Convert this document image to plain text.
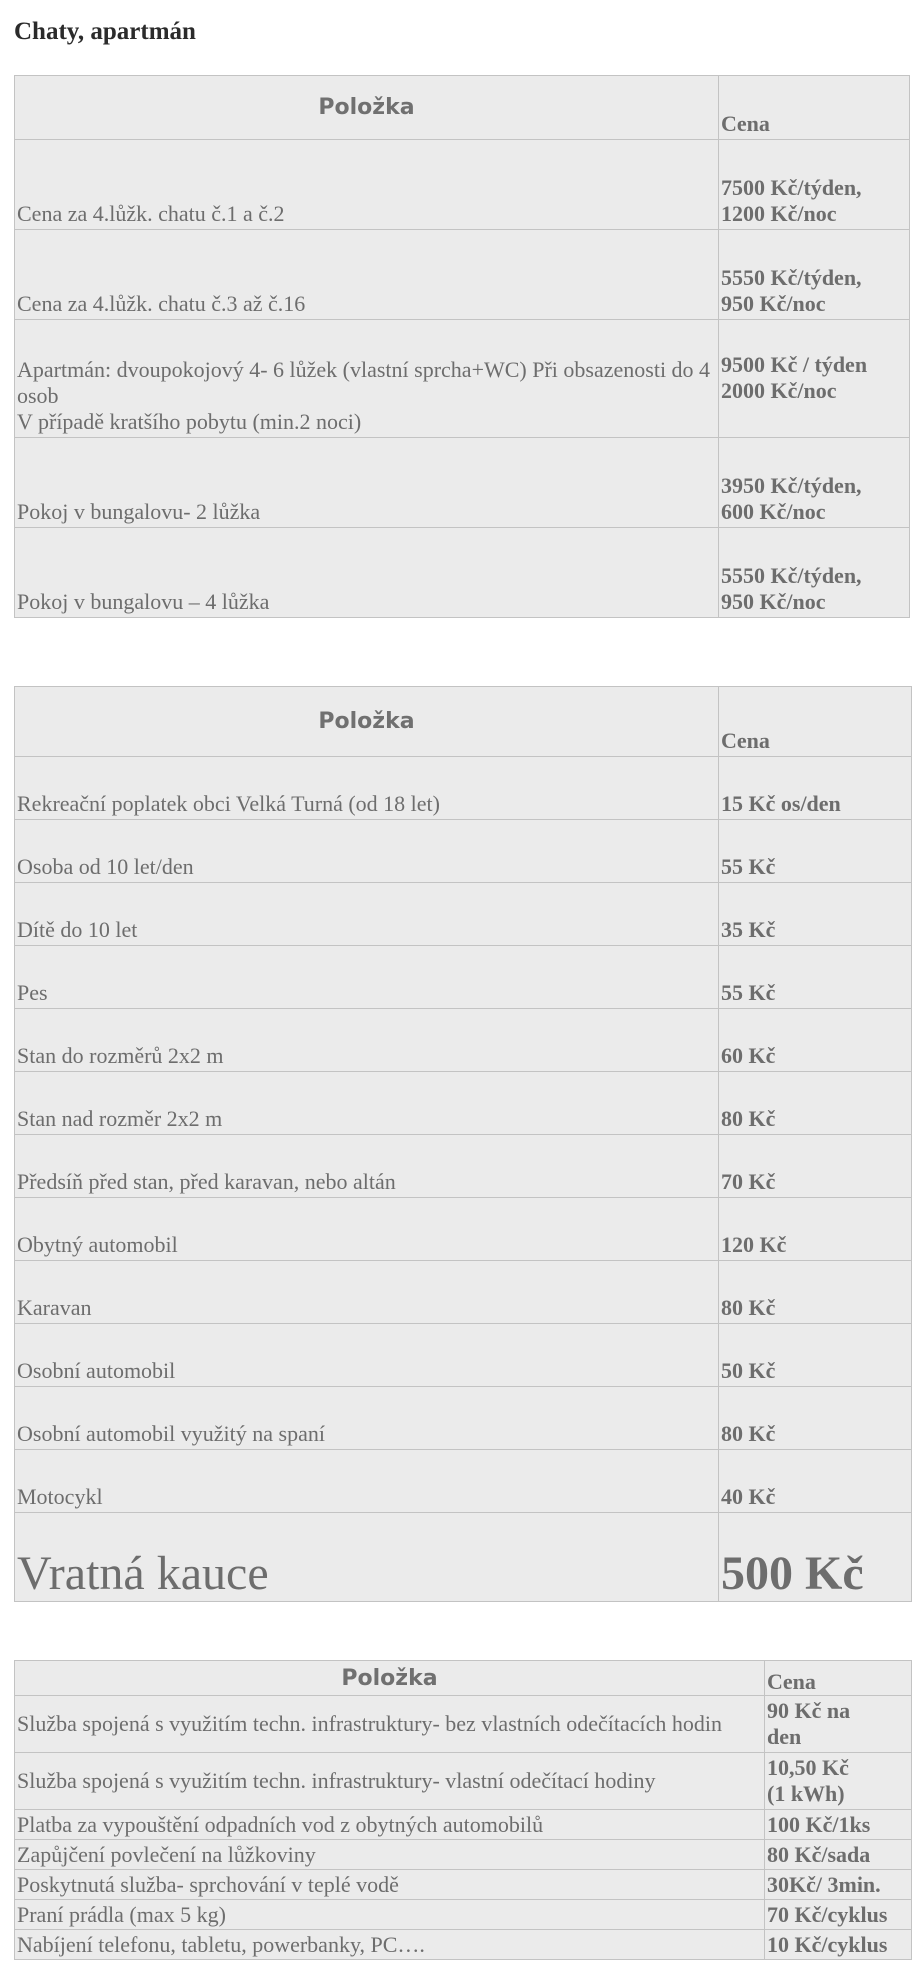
Chaty, apartmán
Položka	Cena
Cena za 4.lůžk. chatu č.1 a č.2	7500 Kč/týden,
1200 Kč/noc
Cena za 4.lůžk. chatu č.3 až č.16	5550 Kč/týden,
950 Kč/noc
Apartmán: dvoupokojový 4- 6 lůžek (vlastní sprcha+WC) Při obsazenosti do 4 osob
V případě kratšího pobytu (min.2 noci)	9500 Kč / týden
2000 Kč/noc
Pokoj v bungalovu- 2 lůžka	3950 Kč/týden,
600 Kč/noc
Pokoj v bungalovu – 4 lůžka	5550 Kč/týden,
950 Kč/noc
Položka	Cena
Rekreační poplatek obci Velká Turná (od 18 let)	15 Kč os/den
Osoba od 10 let/den	55 Kč
Dítě do 10 let	35 Kč
Pes	55 Kč
Stan do rozměrů 2x2 m	60 Kč
Stan nad rozměr 2x2 m	80 Kč
Předsíň před stan, před karavan, nebo altán	70 Kč
Obytný automobil	120 Kč
Karavan	80 Kč
Osobní automobil	50 Kč
Osobní automobil využitý na spaní	80 Kč
Motocykl	40 Kč
Vratná kauce	500 Kč
Položka	Cena
Služba spojená s využitím techn. infrastruktury- bez vlastních odečítacích hodin	90 Kč na
den
Služba spojená s využitím techn. infrastruktury- vlastní odečítací hodiny	10,50 Kč
(1 kWh)
Platba za vypouštění odpadních vod z obytných automobilů	100 Kč/1ks
Zapůjčení povlečení na lůžkoviny	80 Kč/sada
Poskytnutá služba- sprchování v teplé vodě	30Kč/ 3min.
Praní prádla (max 5 kg)	70 Kč/cyklus
Nabíjení telefonu, tabletu, powerbanky, PC….	10 Kč/cyklus
